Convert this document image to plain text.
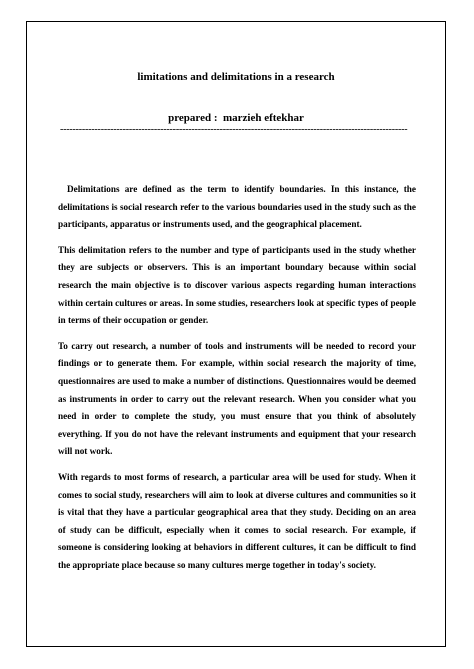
limitations and delimitations in a research
prepared :  marzieh eftekhar
---------------------------------------------------------------------------------------------------------------

Delimitations are defined as the term to identify boundaries. In this instance, the delimitations is social research refer to the various boundaries used in the study such as the participants, apparatus or instruments used, and the geographical placement.

This delimitation refers to the number and type of participants used in the study whether they are subjects or observers. This is an important boundary because within social research the main objective is to discover various aspects regarding human interactions within certain cultures or areas. In some studies, researchers look at specific types of people in terms of their occupation or gender.

To carry out research, a number of tools and instruments will be needed to record your findings or to generate them. For example, within social research the majority of time, questionnaires are used to make a number of distinctions. Questionnaires would be deemed as instruments in order to carry out the relevant research. When you consider what you need in order to complete the study, you must ensure that you think of absolutely everything. If you do not have the relevant instruments and equipment that your research will not work.

With regards to most forms of research, a particular area will be used for study. When it comes to social study, researchers will aim to look at diverse cultures and communities so it is vital that they have a particular geographical area that they study. Deciding on an area of study can be difficult, especially when it comes to social research. For example, if someone is considering looking at behaviors in different cultures, it can be difficult to find the appropriate place because so many cultures merge together in today's society.
